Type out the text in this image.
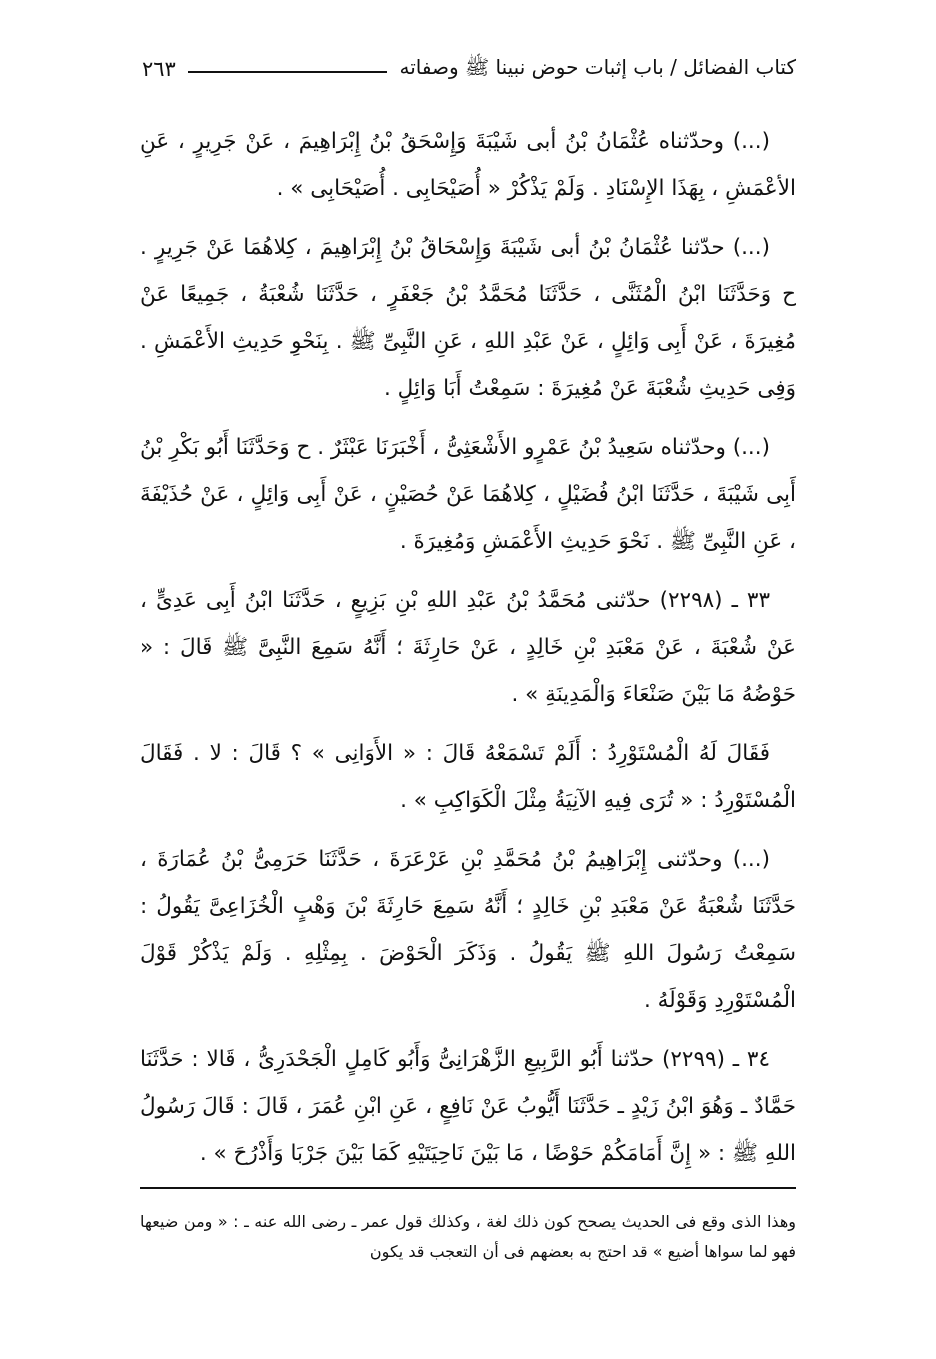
كتاب الفضائل / باب إثبات حوض نبينا ﷺ وصفاته
٢٦٣

(...) وحدّثناه عُثْمَانُ بْنُ أبى شَيْبَةَ وَإِسْحَقُ بْنُ إِبْرَاهِيمَ ، عَنْ جَرِيرٍ ، عَنِ الأعْمَشِ ، بِهَذَا الإِسْنَادِ . وَلَمْ يَذْكُرْ « أُصَيْحَابِى . أُصَيْحَابِى » .

(...) حدّثنا عُثْمَانُ بْنُ أبى شَيْبَةَ وَإِسْحَاقُ بْنُ إِبْرَاهِيمَ ، كِلاهُمَا عَنْ جَرِيرٍ . ح وَحَدَّثَنَا ابْنُ الْمُثَنَّى ، حَدَّثَنَا مُحَمَّدُ بْنُ جَعْفَرٍ ، حَدَّثَنَا شُعْبَةُ ، جَمِيعًا عَنْ مُغِيرَةَ ، عَنْ أَبِى وَائِلٍ ، عَنْ عَبْدِ اللهِ ، عَنِ النَّبِىِّ ﷺ . بِنَحْوِ حَدِيثِ الأَعْمَشِ . وَفِى حَدِيثِ شُعْبَةَ عَنْ مُغِيرَةَ : سَمِعْتُ أَبَا وَائِلٍ .

(...) وحدّثناه سَعِيدُ بْنُ عَمْرٍو الأَشْعَثِىُّ ، أَخْبَرَنَا عَبْثَرٌ . ح وَحَدَّثَنَا أَبُو بَكْرِ بْنُ أَبِى شَيْبَةَ ، حَدَّثَنَا ابْنُ فُضَيْلٍ ، كِلاهُمَا عَنْ حُصَيْنٍ ، عَنْ أَبِى وَائِلٍ ، عَنْ حُذَيْفَةَ ، عَنِ النَّبِىِّ ﷺ . نَحْوَ حَدِيثِ الأَعْمَشِ وَمُغِيرَةَ .

٣٣ ـ (٢٢٩٨) حدّثنى مُحَمَّدُ بْنُ عَبْدِ اللهِ بْنِ بَزِيعٍ ، حَدَّثَنَا ابْنُ أَبِى عَدِىٍّ ، عَنْ شُعْبَةَ ، عَنْ مَعْبَدِ بْنِ خَالِدٍ ، عَنْ حَارِثَةَ ؛ أَنَّهُ سَمِعَ النَّبِىَّ ﷺ قَالَ : « حَوْضُهُ مَا بَيْنَ صَنْعَاءَ وَالْمَدِينَةِ » .

فَقَالَ لَهُ الْمُسْتَوْرِدُ : أَلَمْ تَسْمَعْهُ قَالَ : « الأَوَانِى » ؟ قَالَ : لا . فَقَالَ الْمُسْتَوْرِدُ : « تُرَى فِيهِ الآنِيَةُ مِثْلَ الْكَوَاكِبِ » .

(...) وحدّثنى إِبْرَاهِيمُ بْنُ مُحَمَّدِ بْنِ عَرْعَرَةَ ، حَدَّثَنَا حَرَمِىُّ بْنُ عُمَارَةَ ، حَدَّثَنَا شُعْبَةُ عَنْ مَعْبَدِ بْنِ خَالِدٍ ؛ أَنَّهُ سَمِعَ حَارِثَةَ بْنَ وَهْبٍ الْخُزَاعِىَّ يَقُولُ : سَمِعْتُ رَسُولَ اللهِ ﷺ يَقُولُ . وَذَكَرَ الْحَوْضَ . بِمِثْلِهِ . وَلَمْ يَذْكُرْ قَوْلَ الْمُسْتَوْرِدِ وَقَوْلَهُ .

٣٤ ـ (٢٢٩٩) حدّثنا أَبُو الرَّبِيعِ الزَّهْرَانِىُّ وَأَبُو كَامِلٍ الْجَحْدَرِىُّ ، قَالا : حَدَّثَنَا حَمَّادٌ ـ وَهُوَ ابْنُ زَيْدٍ ـ حَدَّثَنَا أَيُّوبُ عَنْ نَافِعٍ ، عَنِ ابْنِ عُمَرَ ، قَالَ : قَالَ رَسُولُ اللهِ ﷺ : « إِنَّ أَمَامَكُمْ حَوْضًا ، مَا بَيْنَ نَاحِيَتَيْهِ كَمَا بَيْنَ جَرْبَا وَأَذْرُحَ » .

وهذا الذى وقع فى الحديث يصحح كون ذلك لغة ، وكذلك قول عمر ـ رضى الله عنه ـ : « ومن ضيعها فهو لما سواها أضيع » قد احتج به بعضهم فى أن التعجب قد يكون
